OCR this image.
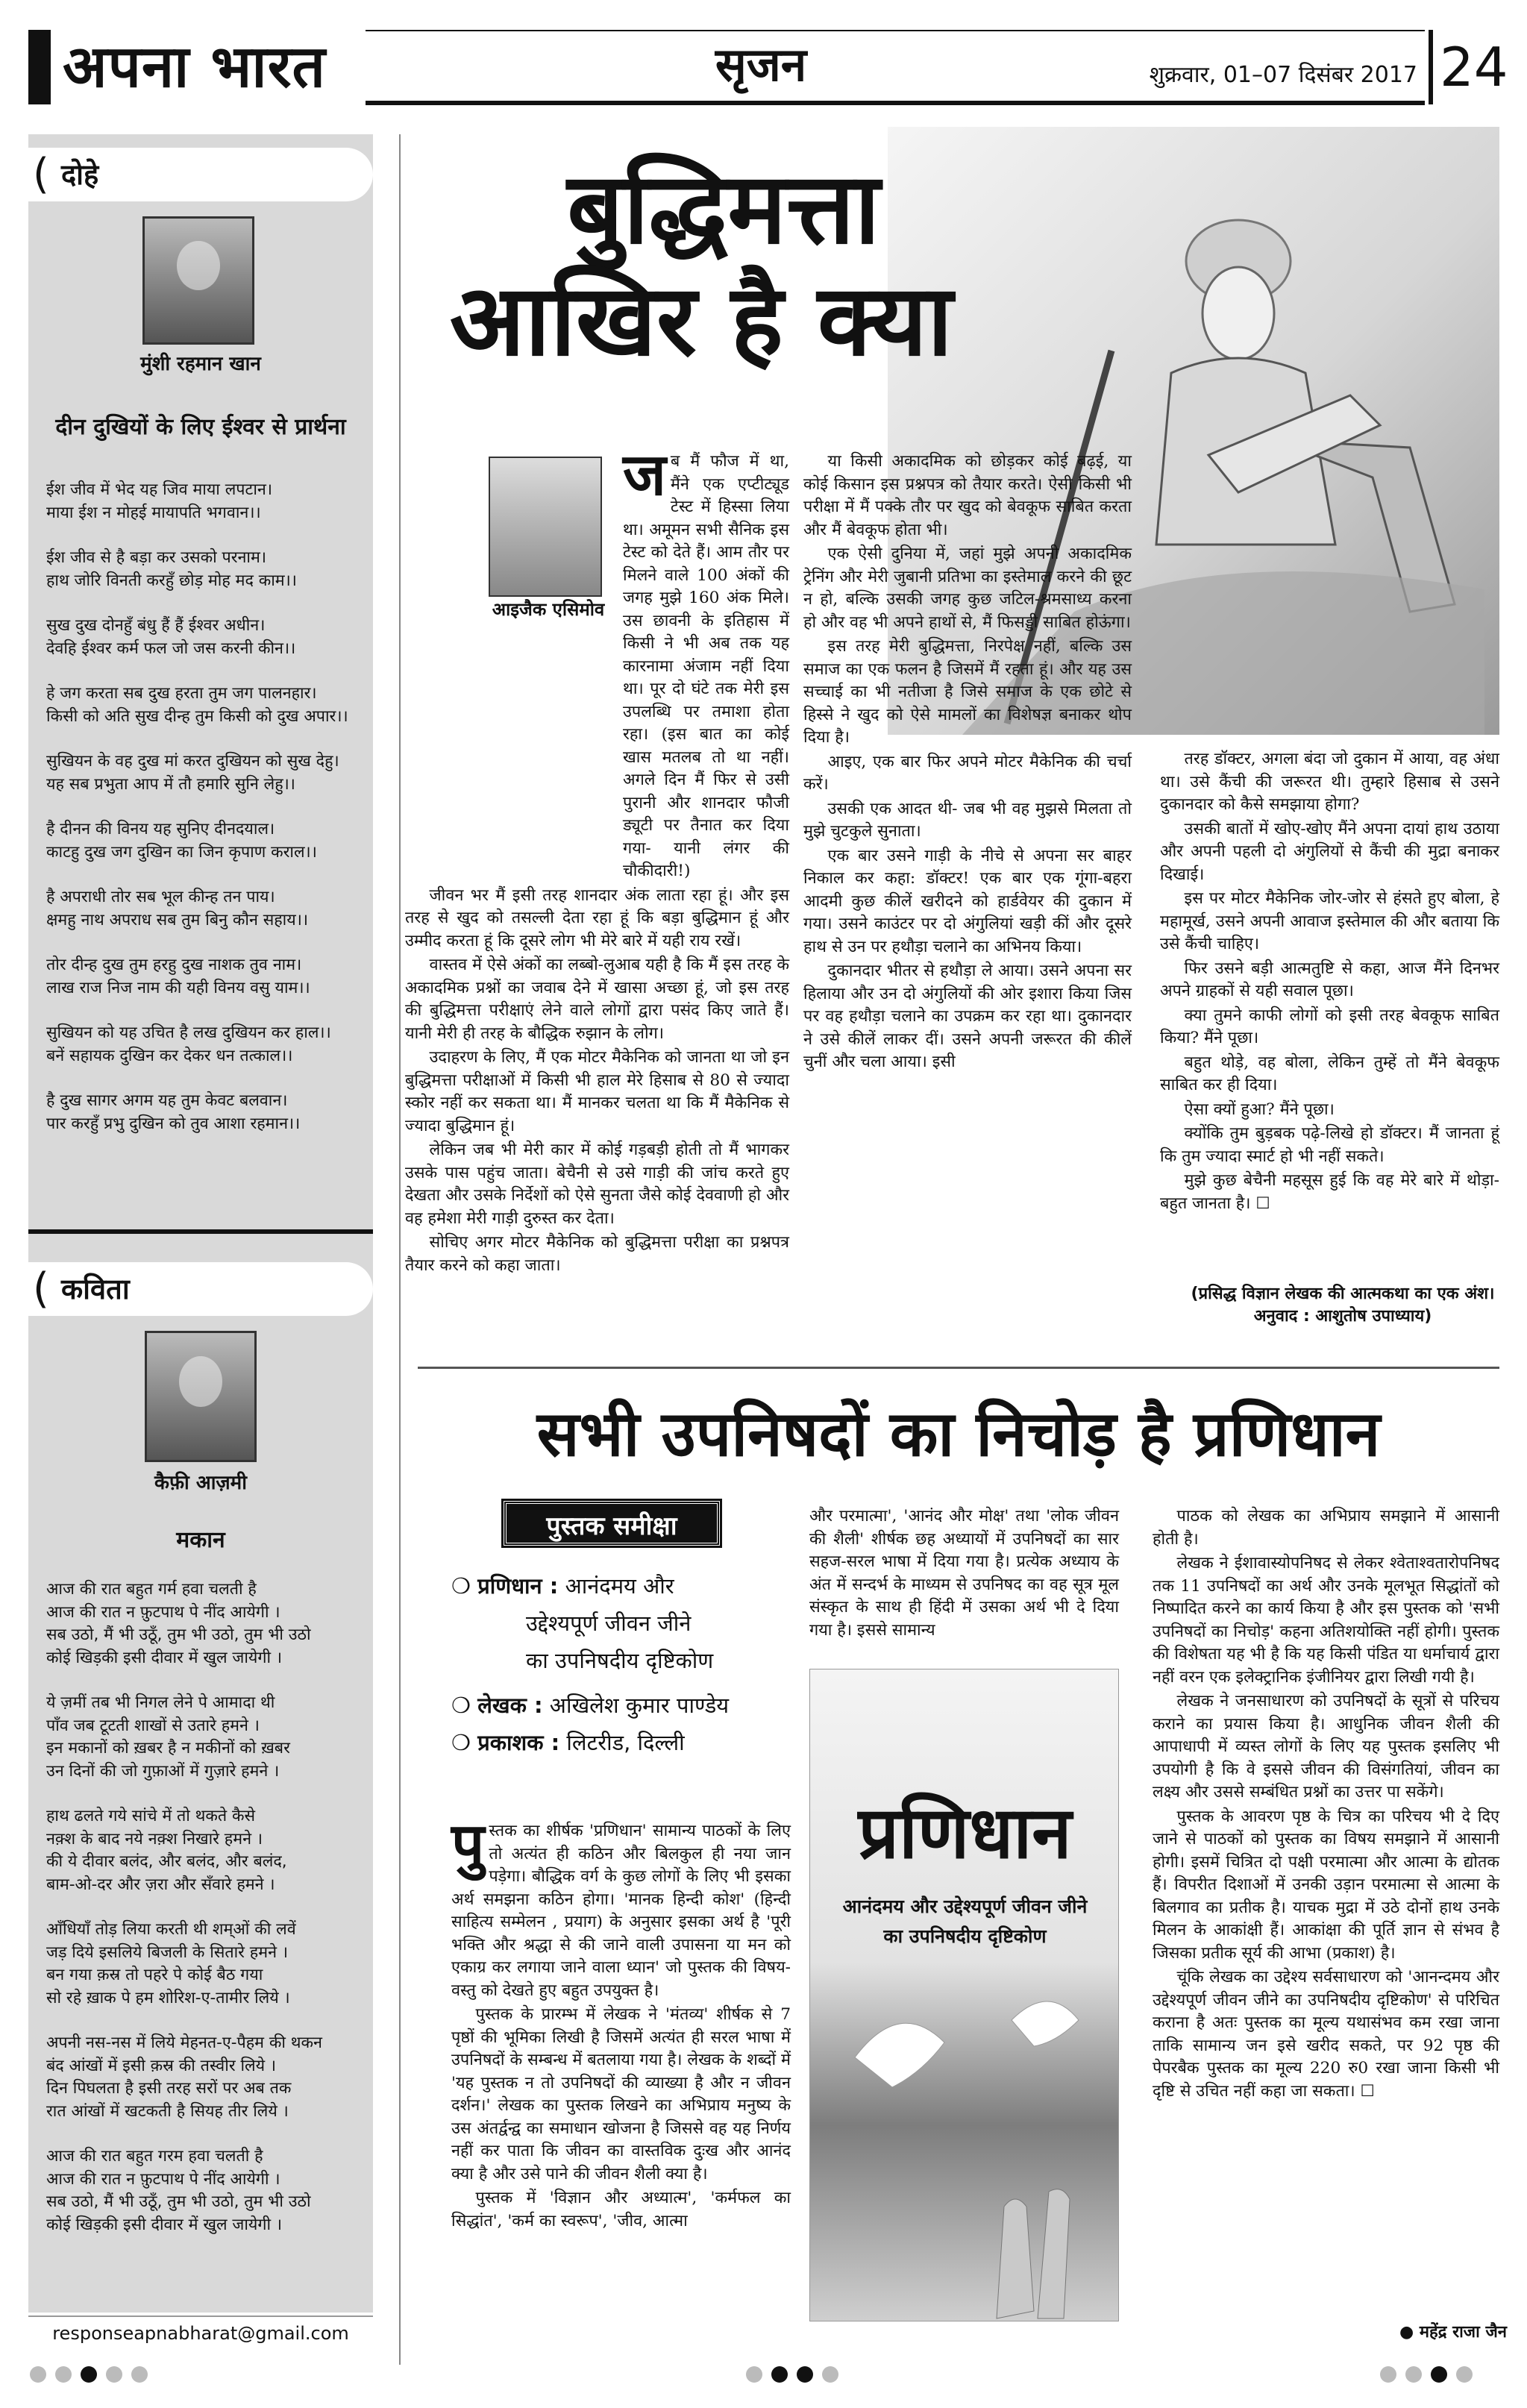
अपना भारत	सृजन	शुक्रवार, 01–07 दिसंबर 2017 24
( दोहे
मुंशी रहमान खान
दीन दुखियों के लिए ईश्वर से प्रार्थना

ईश जीव में भेद यह जिव माया लपटान।
माया ईश न मोहई मायापति भगवान।।

ईश जीव से है बड़ा कर उसको परनाम।
हाथ जोरि विनती करहुँ छोड़ मोह मद काम।।

सुख दुख दोनहुँ बंधु हैं हैं ईश्वर अधीन।
देवहि ईश्वर कर्म फल जो जस करनी कीन।।

हे जग करता सब दुख हरता तुम जग पालनहार।
किसी को अति सुख दीन्ह तुम किसी को दुख अपार।।

सुखियन के वह दुख मां करत दुखियन को सुख देहु।
यह सब प्रभुता आप में तौ हमारि सुनि लेहु।।

है दीनन की विनय यह सुनिए दीनदयाल।
काटहु दुख जग दुखिन का जिन कृपाण कराल।।

है अपराधी तोर सब भूल कीन्ह तन पाय।
क्षमहु नाथ अपराध सब तुम बिनु कौन सहाय।।

तोर दीन्ह दुख तुम हरहु दुख नाशक तुव नाम।
लाख राज निज नाम की यही विनय वसु याम।।

सुखियन को यह उचित है लख दुखियन कर हाल।।
बनें सहायक दुखिन कर देकर धन तत्काल।।

है दुख सागर अगम यह तुम केवट बलवान।
पार करहुँ प्रभु दुखिन को तुव आशा रहमान।।

( कविता
कैफ़ी आज़मी
मकान

आज की रात बहुत गर्म हवा चलती है
आज की रात न फ़ुटपाथ पे नींद आयेगी ।
सब उठो, मैं भी उठूँ, तुम भी उठो, तुम भी उठो
कोई खिड़की इसी दीवार में खुल जायेगी ।

ये ज़मीं तब भी निगल लेने पे आमादा थी
पाँव जब टूटती शाखों से उतारे हमने ।
इन मकानों को ख़बर है न मकीनों को ख़बर
उन दिनों की जो गुफ़ाओं में गुज़ारे हमने ।

हाथ ढलते गये सांचे में तो थकते कैसे
नक़्श के बाद नये नक़्श निखारे हमने ।
की ये दीवार बलंद, और बलंद, और बलंद,
बाम-ओ-दर और ज़रा और सँवारे हमने ।

आँधियाँ तोड़ लिया करती थी शम्ओं की लवें
जड़ दिये इसलिये बिजली के सितारे हमने ।
बन गया क़स्र तो पहरे पे कोई बैठ गया
सो रहे ख़ाक पे हम शोरिश-ए-तामीर लिये ।

अपनी नस-नस में लिये मेहनत-ए-पैहम की थकन
बंद आंखों में इसी क़स्र की तस्वीर लिये ।
दिन पिघलता है इसी तरह सरों पर अब तक
रात आंखों में खटकती है सियह तीर लिये ।

आज की रात बहुत गरम हवा चलती है
आज की रात न फ़ुटपाथ पे नींद आयेगी ।
सब उठो, मैं भी उठूँ, तुम भी उठो, तुम भी उठो
कोई खिड़की इसी दीवार में खुल जायेगी ।

responseapnabharat@gmail.com
बुद्धिमत्ता
आखिर है क्या
आइजैक एसिमोव

जब मैं फौज में था, मैंने एक एप्टीट्यूड टेस्ट में हिस्सा लिया था। अमूमन सभी सैनिक इस टेस्ट को देते हैं। आम तौर पर मिलने वाले 100 अंकों की जगह मुझे 160 अंक मिले। उस छावनी के इतिहास में किसी ने भी अब तक यह कारनामा अंजाम नहीं दिया था। पूर दो घंटे तक मेरी इस उपलब्धि पर तमाशा होता रहा। (इस बात का कोई खास मतलब तो था नहीं। अगले दिन मैं फिर से उसी पुरानी और शानदार फौजी ड्यूटी पर तैनात कर दिया गया- यानी लंगर की चौकीदारी!)

जीवन भर मैं इसी तरह शानदार अंक लाता रहा हूं। और इस तरह से खुद को तसल्ली देता रहा हूं कि बड़ा बुद्धिमान हूं और उम्मीद करता हूं कि दूसरे लोग भी मेरे बारे में यही राय रखें।

वास्तव में ऐसे अंकों का लब्बो-लुआब यही है कि मैं इस तरह के अकादमिक प्रश्नों का जवाब देने में खासा अच्छा हूं, जो इस तरह की बुद्धिमत्ता परीक्षाएं लेने वाले लोगों द्वारा पसंद किए जाते हैं। यानी मेरी ही तरह के बौद्धिक रुझान के लोग।

उदाहरण के लिए, मैं एक मोटर मैकेनिक को जानता था जो इन बुद्धिमत्ता परीक्षाओं में किसी भी हाल मेरे हिसाब से 80 से ज्यादा स्कोर नहीं कर सकता था। मैं मानकर चलता था कि मैं मैकेनिक से ज्यादा बुद्धिमान हूं।

लेकिन जब भी मेरी कार में कोई गड़बड़ी होती तो मैं भागकर उसके पास पहुंच जाता। बेचैनी से उसे गाड़ी की जांच करते हुए देखता और उसके निर्देशों को ऐसे सुनता जैसे कोई देववाणी हो और वह हमेशा मेरी गाड़ी दुरुस्त कर देता।

सोचिए अगर मोटर मैकेनिक को बुद्धिमत्ता परीक्षा का प्रश्नपत्र तैयार करने को कहा जाता।

या किसी अकादमिक को छोड़कर कोई बढ़ई, या कोई किसान इस प्रश्नपत्र को तैयार करते। ऐसी किसी भी परीक्षा में मैं पक्के तौर पर खुद को बेवकूफ साबित करता और मैं बेवकूफ होता भी।

एक ऐसी दुनिया में, जहां मुझे अपनी अकादमिक ट्रेनिंग और मेरी जुबानी प्रतिभा का इस्तेमाल करने की छूट न हो, बल्कि उसकी जगह कुछ जटिल-श्रमसाध्य करना हो और वह भी अपने हाथों से, मैं फिसड्डी साबित होऊंगा।

इस तरह मेरी बुद्धिमत्ता, निरपेक्ष नहीं, बल्कि उस समाज का एक फलन है जिसमें मैं रहता हूं। और यह उस सच्चाई का भी नतीजा है जिसे समाज के एक छोटे से हिस्से ने खुद को ऐसे मामलों का विशेषज्ञ बनाकर थोप दिया है।

आइए, एक बार फिर अपने मोटर मैकेनिक की चर्चा करें।

उसकी एक आदत थी- जब भी वह मुझसे मिलता तो मुझे चुटकुले सुनाता।

एक बार उसने गाड़ी के नीचे से अपना सर बाहर निकाल कर कहा: डॉक्टर! एक बार एक गूंगा-बहरा आदमी कुछ कीलें खरीदने को हार्डवेयर की दुकान में गया। उसने काउंटर पर दो अंगुलियां खड़ी कीं और दूसरे हाथ से उन पर हथौड़ा चलाने का अभिनय किया।

दुकानदार भीतर से हथौड़ा ले आया। उसने अपना सर हिलाया और उन दो अंगुलियों की ओर इशारा किया जिस पर वह हथौड़ा चलाने का उपक्रम कर रहा था। दुकानदार ने उसे कीलें लाकर दीं। उसने अपनी जरूरत की कीलें चुनीं और चला आया। इसी

तरह डॉक्टर, अगला बंदा जो दुकान में आया, वह अंधा था। उसे कैंची की जरूरत थी। तुम्हारे हिसाब से उसने दुकानदार को कैसे समझाया होगा?

उसकी बातों में खोए-खोए मैंने अपना दायां हाथ उठाया और अपनी पहली दो अंगुलियों से कैंची की मुद्रा बनाकर दिखाई।

इस पर मोटर मैकेनिक जोर-जोर से हंसते हुए बोला, हे महामूर्ख, उसने अपनी आवाज इस्तेमाल की और बताया कि उसे कैंची चाहिए।

फिर उसने बड़ी आत्मतुष्टि से कहा, आज मैंने दिनभर अपने ग्राहकों से यही सवाल पूछा।

क्या तुमने काफी लोगों को इसी तरह बेवकूफ साबित किया? मैंने पूछा।

बहुत थोड़े, वह बोला, लेकिन तुम्हें तो मैंने बेवकूफ साबित कर ही दिया।

ऐसा क्यों हुआ? मैंने पूछा।

क्योंकि तुम बुड़बक पढ़े-लिखे हो डॉक्टर। मैं जानता हूं कि तुम ज्यादा स्मार्ट हो भी नहीं सकते।

मुझे कुछ बेचैनी महसूस हुई कि वह मेरे बारे में थोड़ा-बहुत जानता है। ☐

(प्रसिद्ध विज्ञान लेखक की आत्मकथा का एक अंश। अनुवाद : आशुतोष उपाध्याय)
सभी उपनिषदों का निचोड़ है प्रणिधान
पुस्तक समीक्षा
❍ प्रणिधान : आनंदमय और
उद्देश्यपूर्ण जीवन जीने
का उपनिषदीय दृष्टिकोण
❍ लेखक : अखिलेश कुमार पाण्डेय
❍ प्रकाशक : लिटरीड, दिल्ली

पुस्तक का शीर्षक 'प्रणिधान' सामान्य पाठकों के लिए तो अत्यंत ही कठिन और बिलकुल ही नया जान पड़ेगा। बौद्धिक वर्ग के कुछ लोगों के लिए भी इसका अर्थ समझना कठिन होगा। 'मानक हिन्दी कोश' (हिन्दी साहित्य सम्मेलन , प्रयाग) के अनुसार इसका अर्थ है 'पूरी भक्ति और श्रद्धा से की जाने वाली उपासना या मन को एकाग्र कर लगाया जाने वाला ध्यान' जो पुस्तक की विषय-वस्तु को देखते हुए बहुत उपयुक्त है।

पुस्तक के प्रारम्भ में लेखक ने 'मंतव्य' शीर्षक से 7 पृष्ठों की भूमिका लिखी है जिसमें अत्यंत ही सरल भाषा में उपनिषदों के सम्बन्ध में बतलाया गया है। लेखक के शब्दों में 'यह पुस्तक न तो उपनिषदों की व्याख्या है और न जीवन दर्शन।' लेखक का पुस्तक लिखने का अभिप्राय मनुष्य के उस अंतर्द्वन्द्व का समाधान खोजना है जिससे वह यह निर्णय नहीं कर पाता कि जीवन का वास्तविक दुःख और आनंद क्या है और उसे पाने की जीवन शैली क्या है।

पुस्तक में 'विज्ञान और अध्यात्म', 'कर्मफल का सिद्धांत', 'कर्म का स्वरूप', 'जीव, आत्मा

और परमात्मा', 'आनंद और मोक्ष' तथा 'लोक जीवन की शैली' शीर्षक छह अध्यायों में उपनिषदों का सार सहज-सरल भाषा में दिया गया है। प्रत्येक अध्याय के अंत में सन्दर्भ के माध्यम से उपनिषद का वह सूत्र मूल संस्कृत के साथ ही हिंदी में उसका अर्थ भी दे दिया गया है। इससे सामान्य

प्रणिधान
आनंदमय और उद्देश्यपूर्ण जीवन जीने
का उपनिषदीय दृष्टिकोण

पाठक को लेखक का अभिप्राय समझाने में आसानी होती है।

लेखक ने ईशावास्योपनिषद से लेकर श्वेताश्वतारोपनिषद तक 11 उपनिषदों का अर्थ और उनके मूलभूत सिद्धांतों को निष्पादित करने का कार्य किया है और इस पुस्तक को 'सभी उपनिषदों का निचोड़' कहना अतिशयोक्ति नहीं होगी। पुस्तक की विशेषता यह भी है कि यह किसी पंडित या धर्माचार्य द्वारा नहीं वरन एक इलेक्ट्रानिक इंजीनियर द्वारा लिखी गयी है।

लेखक ने जनसाधारण को उपनिषदों के सूत्रों से परिचय कराने का प्रयास किया है। आधुनिक जीवन शैली की आपाधापी में व्यस्त लोगों के लिए यह पुस्तक इसलिए भी उपयोगी है कि वे इससे जीवन की विसंगतियां, जीवन का लक्ष्य और उससे सम्बंधित प्रश्नों का उत्तर पा सकेंगे।

पुस्तक के आवरण पृष्ठ के चित्र का परिचय भी दे दिए जाने से पाठकों को पुस्तक का विषय समझाने में आसानी होगी। इसमें चित्रित दो पक्षी परमात्मा और आत्मा के द्योतक हैं। विपरीत दिशाओं में उनकी उड़ान परमात्मा से आत्मा के बिलगाव का प्रतीक है। याचक मुद्रा में उठे दोनों हाथ उनके मिलन के आकांक्षी हैं। आकांक्षा की पूर्ति ज्ञान से संभव है जिसका प्रतीक सूर्य की आभा (प्रकाश) है।

चूंकि लेखक का उद्देश्य सर्वसाधारण को 'आनन्दमय और उद्देश्यपूर्ण जीवन जीने का उपनिषदीय दृष्टिकोण' से परिचित कराना है अतः पुस्तक का मूल्य यथासंभव कम रखा जाना ताकि सामान्य जन इसे खरीद सकते, पर 92 पृष्ठ की पेपरबैक पुस्तक का मूल्य 220 रु0 रखा जाना किसी भी दृष्टि से उचित नहीं कहा जा सकता। ☐

● महेंद्र राजा जैन
